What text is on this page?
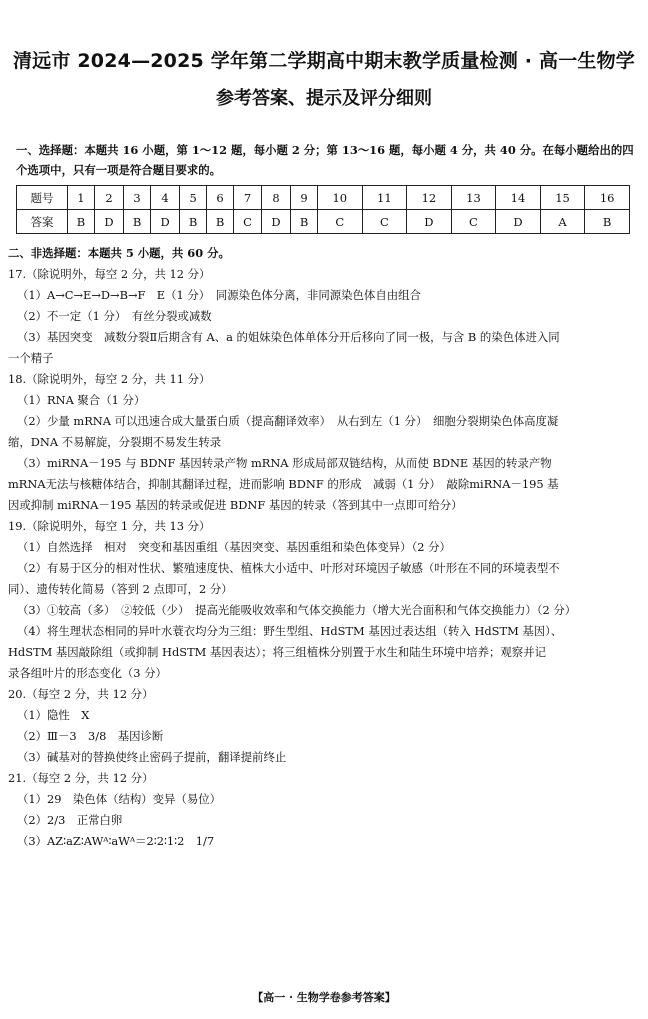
清远市 2024—2025 学年第二学期高中期末教学质量检测 · 高一生物学
参考答案、提示及评分细则
一、选择题：本题共 16 小题，第 1～12 题，每小题 2 分；第 13～16 题，每小题 4 分，共 40 分。在每小题给出的四
个选项中，只有一项是符合题目要求的。
题号	1	2	3	4	5	6	7	8	9	10	11	12	13	14	15	16
答案	B	D	B	D	B	B	C	D	B	C	C	D	C	D	A	B
二、非选择题：本题共 5 小题，共 60 分。
17.（除说明外，每空 2 分，共 12 分）
（1）A→C→E→D→B→F　E（1 分）　同源染色体分离，非同源染色体自由组合
（2）不一定（1 分）　有丝分裂或减数
（3）基因突变　减数分裂Ⅱ后期含有 A、a 的姐妹染色体单体分开后移向了同一极，与含 B 的染色体进入同
一个精子
18.（除说明外，每空 2 分，共 11 分）
（1）RNA 聚合（1 分）
（2）少量 mRNA 可以迅速合成大量蛋白质（提高翻译效率）　从右到左（1 分）　细胞分裂期染色体高度凝
缩，DNA 不易解旋，分裂期不易发生转录
（3）miRNA－195 与 BDNF 基因转录产物 mRNA 形成局部双链结构，从而使 BDNE 基因的转录产物
mRNA无法与核糖体结合，抑制其翻译过程，进而影响 BDNF 的形成　减弱（1 分）　敲除miRNA－195 基
因或抑制 miRNA－195 基因的转录或促进 BDNF 基因的转录（答到其中一点即可给分）
19.（除说明外，每空 1 分，共 13 分）
（1）自然选择　相对　突变和基因重组（基因突变、基因重组和染色体变异）（2 分）
（2）有易于区分的相对性状、繁殖速度快、植株大小适中、叶形对环境因子敏感（叶形在不同的环境表型不
同）、遗传转化简易（答到 2 点即可，2 分）
（3）①较高（多）　②较低（少）　提高光能吸收效率和气体交换能力（增大光合面积和气体交换能力）（2 分）
（4）将生理状态相同的异叶水蓑衣均分为三组：野生型组、HdSTM 基因过表达组（转入 HdSTM 基因）、
HdSTM 基因敲除组（或抑制 HdSTM 基因表达）；将三组植株分别置于水生和陆生环境中培养；观察并记
录各组叶片的形态变化（3 分）
20.（每空 2 分，共 12 分）
（1）隐性　X
（2）Ⅲ－3　3/8　基因诊断
（3）碱基对的替换使终止密码子提前，翻译提前终止
21.（每空 2 分，共 12 分）
（1）29　染色体（结构）变异（易位）
（2）2/3　正常白卵
（3）AZ∶aZ∶AWᴬ∶aWᴬ＝2∶2∶1∶2　1/7
【高一 · 生物学卷参考答案】
